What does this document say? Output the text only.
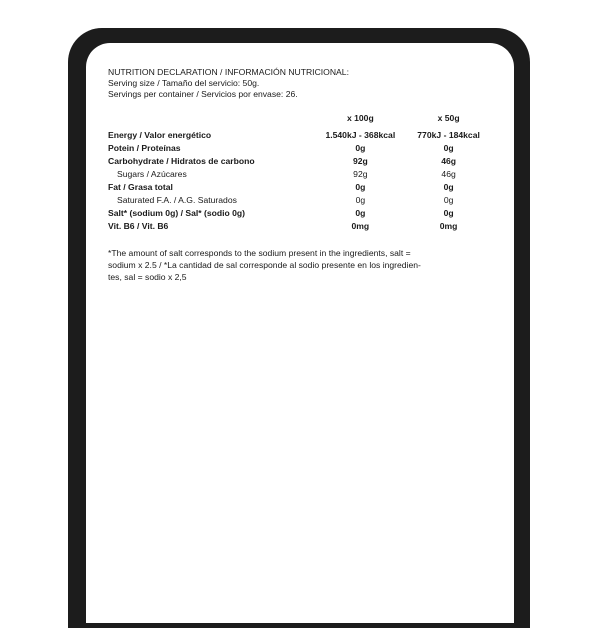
NUTRITION DECLARATION / INFORMACIÓN NUTRICIONAL:
Serving size / Tamaño del servicio: 50g.
Servings per container / Servicios por envase: 26.
	x 100g	x 50g

Energy / Valor energético	1.540kJ - 368kcal	770kJ - 184kcal
Potein / Proteínas	0g	0g
Carbohydrate / Hidratos de carbono	92g	46g
Sugars / Azúcares	92g	46g
Fat / Grasa total	0g	0g
Saturated F.A. / A.G. Saturados	0g	0g
Salt* (sodium 0g) / Sal* (sodio 0g)	0g	0g
Vit. B6 / Vit. B6	0mg	0mg
*The amount of salt corresponds to the sodium present in the ingredients, salt =
sodium x 2.5 / *La cantidad de sal corresponde al sodio presente en los ingredien-
tes, sal = sodio x 2,5
